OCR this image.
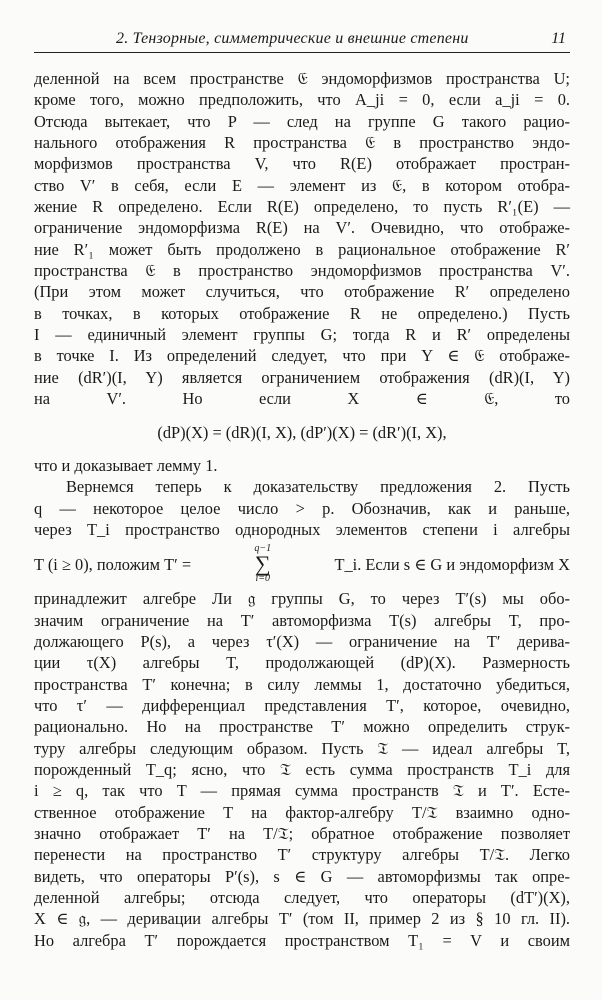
2. Тензорные, симметрические и внешние степени	11

деленной на всем пространстве 𝔈 эндоморфизмов пространства U;

кроме того, можно предположить, что A_ji = 0, если a_ji = 0.

Отсюда вытекает, что P — след на группе G такого рацио-

нального отображения R пространства 𝔈 в пространство эндо-

морфизмов пространства V, что R(E) отображает простран-

ство V′ в себя, если E — элемент из 𝔈, в котором отобра-

жение R определено. Если R(E) определено, то пусть R′₁(E) —

ограничение эндоморфизма R(E) на V′. Очевидно, что отображе-

ние R′₁ может быть продолжено в рациональное отображение R′

пространства 𝔈 в пространство эндоморфизмов пространства V′.

(При этом может случиться, что отображение R′ определено

в точках, в которых отображение R не определено.) Пусть

I — единичный элемент группы G; тогда R и R′ определены

в точке I. Из определений следует, что при Y ∈ 𝔈 отображе-

ние (dR′)(I, Y) является ограничением отображения (dR)(I, Y)

на V′. Но если X ∈ 𝔈, то

(dP)(X) = (dR)(I, X), (dP′)(X) = (dR′)(I, X),
что и доказывает лемму 1.

Вернемся теперь к доказательству предложения 2. Пусть

q — некоторое целое число > p. Обозначив, как и раньше,

через T_i пространство однородных элементов степени i алгебры

T (i ≥ 0), положим T′ =
q−1
∑
i=0
T_i. Если s ∈ G и эндоморфизм X

принадлежит алгебре Ли 𝔤 группы G, то через T′(s) мы обо-

значим ограничение на T′ автоморфизма T(s) алгебры T, про-

должающего P(s), а через τ′(X) — ограничение на T′ дерива-

ции τ(X) алгебры T, продолжающей (dP)(X). Размерность

пространства T′ конечна; в силу леммы 1, достаточно убедиться,

что τ′ — дифференциал представления T′, которое, очевидно,

рационально. Но на пространстве T′ можно определить струк-

туру алгебры следующим образом. Пусть 𝔗 — идеал алгебры T,

порожденный T_q; ясно, что 𝔗 есть сумма пространств T_i для

i ≥ q, так что T — прямая сумма пространств 𝔗 и T′. Есте-

ственное отображение T на фактор-алгебру T/𝔗 взаимно одно-

значно отображает T′ на T/𝔗; обратное отображение позволяет

перенести на пространство T′ структуру алгебры T/𝔗. Легко

видеть, что операторы P′(s), s ∈ G — автоморфизмы так опре-

деленной алгебры; отсюда следует, что операторы (dT′)(X),

X ∈ 𝔤, — деривации алгебры T′ (том II, пример 2 из § 10 гл. II).

Но алгебра T′ порождается пространством T₁ = V и своим
